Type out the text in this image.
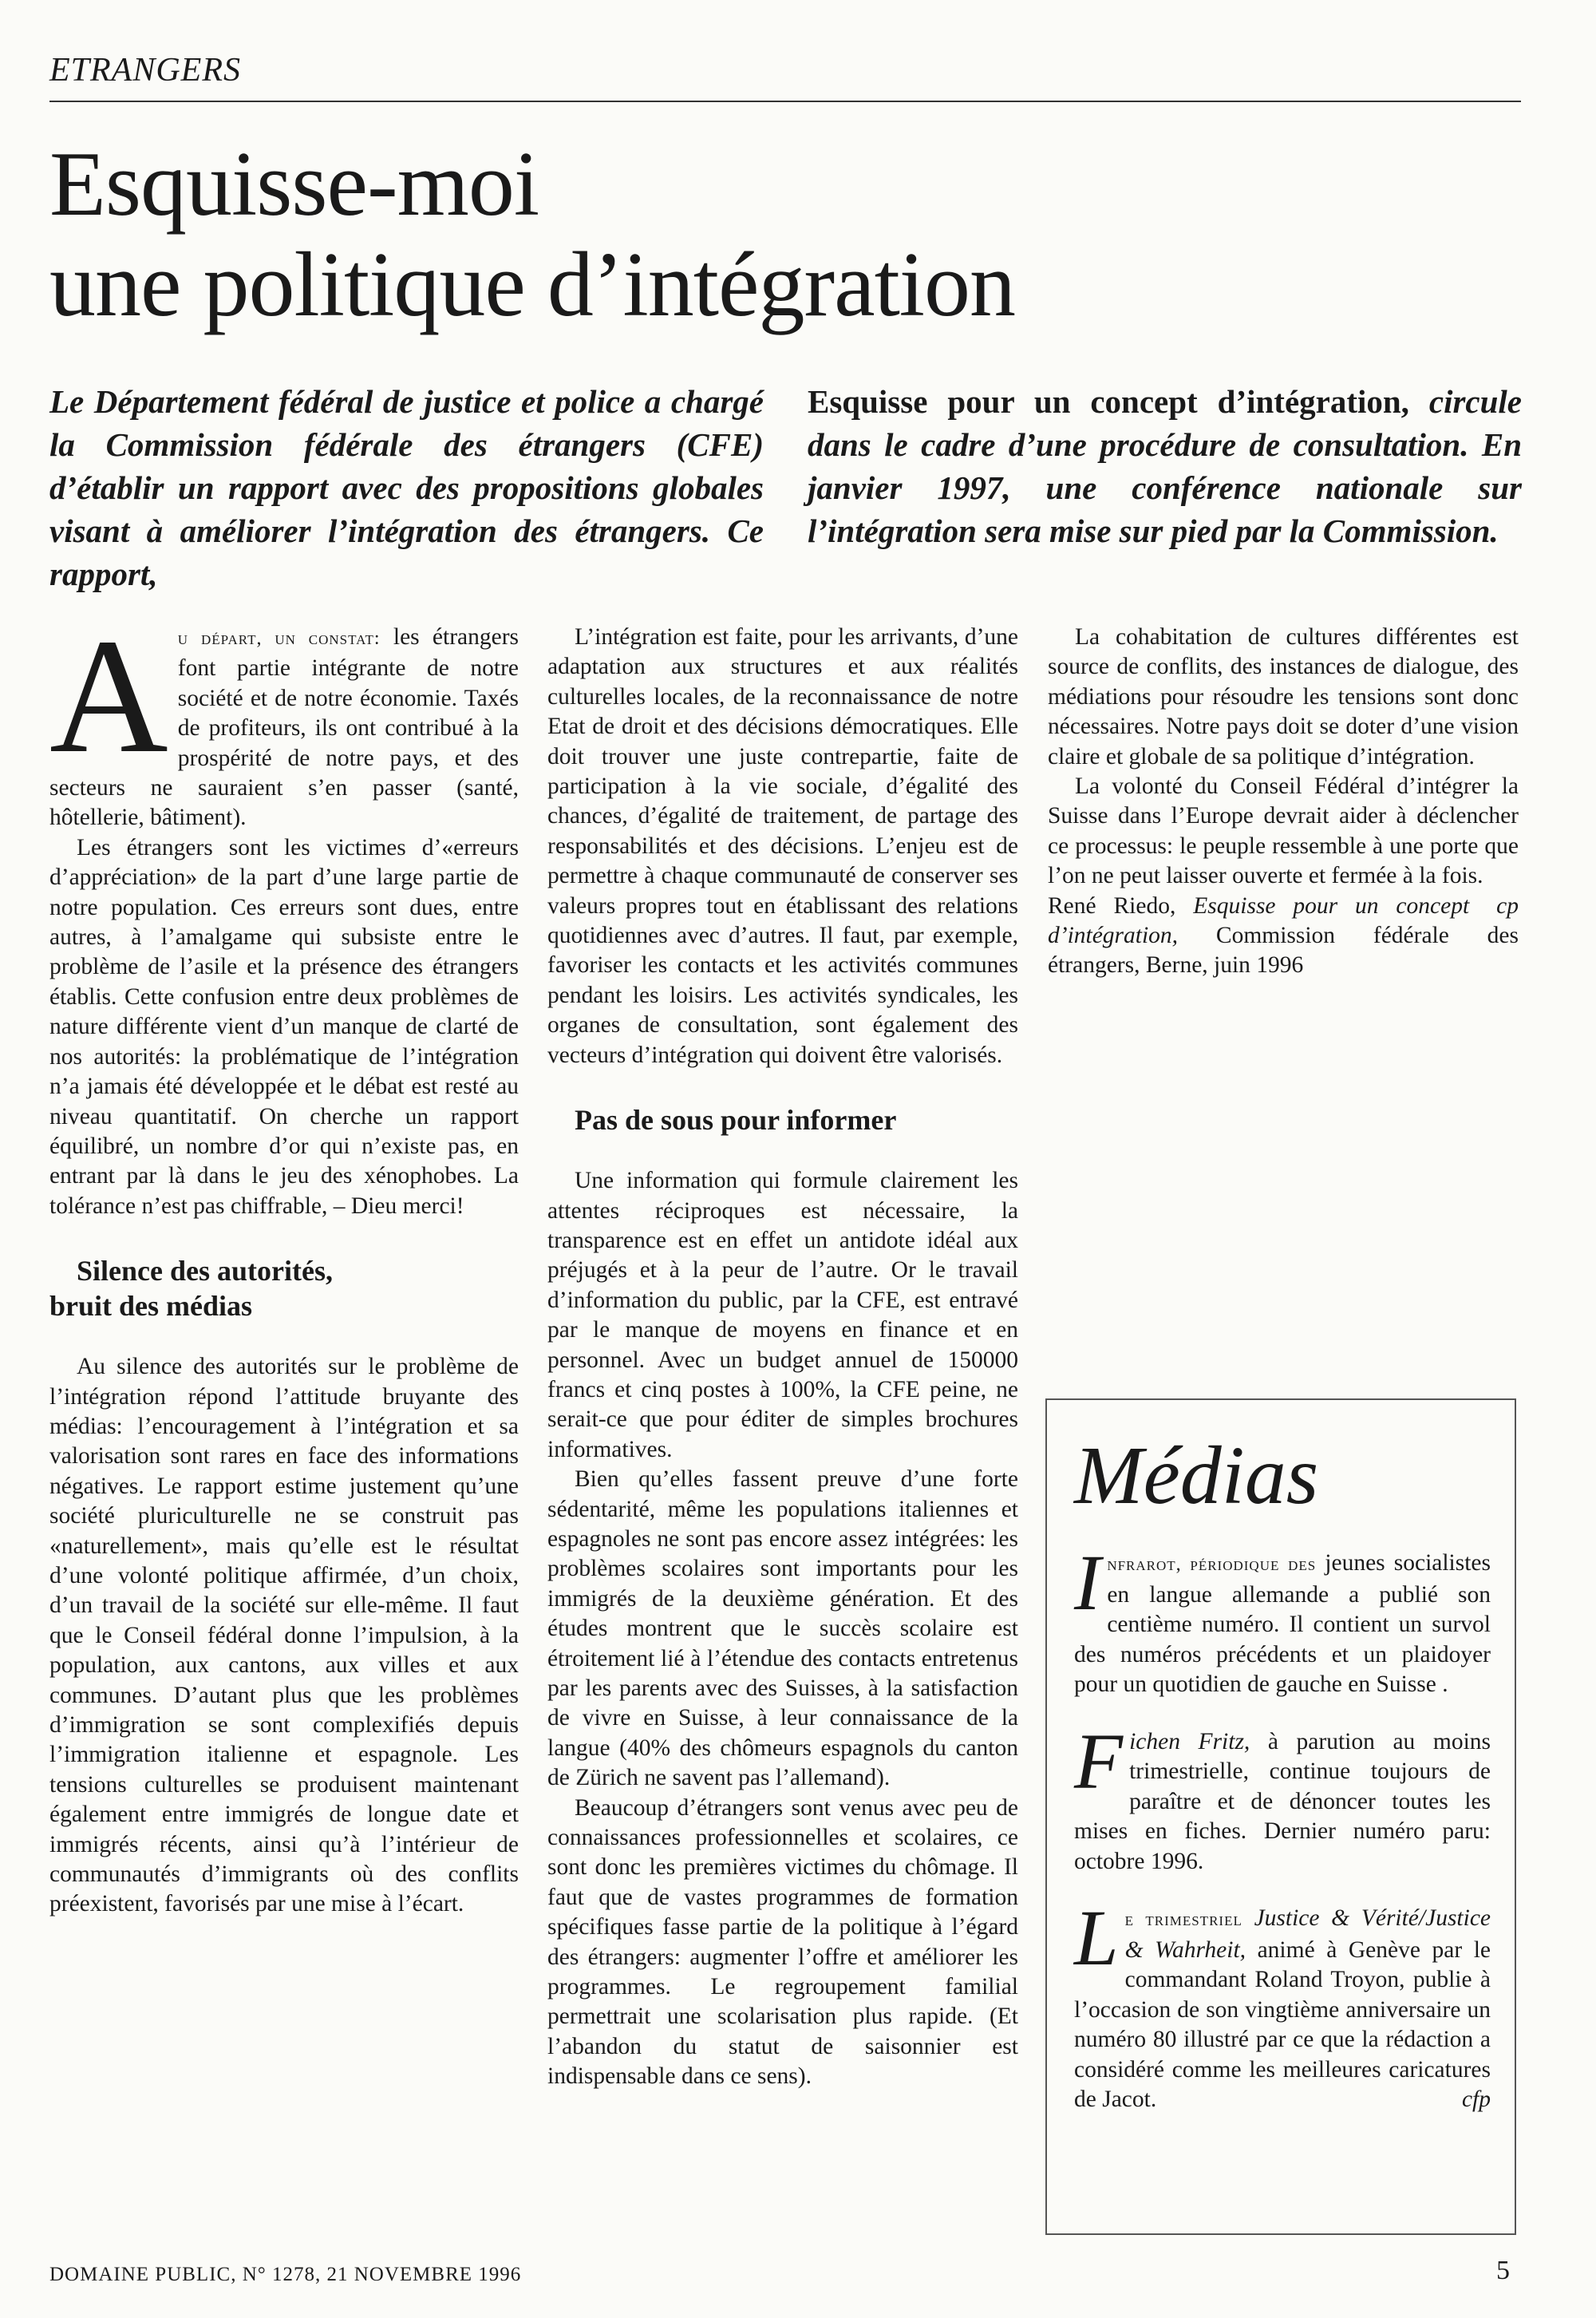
ETRANGERS
Esquisse-moi
une politique d’intégration

Le Département fédéral de justice et police a chargé la Commission fédérale des étrangers (CFE) d’établir un rapport avec des propositions globales visant à améliorer l’intégration des étrangers. Ce rapport,

Esquisse pour un concept d’intégration, circule dans le cadre d’une procédure de consultation. En janvier 1997, une conférence nationale sur l’intégration sera mise sur pied par la Commission.

Au départ, un constat: les étrangers font partie intégrante de notre société et de notre économie. Taxés de profiteurs, ils ont contribué à la prospérité de notre pays, et des secteurs ne sauraient s’en passer (santé, hôtellerie, bâtiment).

Les étrangers sont les victimes d’«erreurs d’appréciation» de la part d’une large partie de notre population. Ces erreurs sont dues, entre autres, à l’amalgame qui subsiste entre le problème de l’asile et la présence des étrangers établis. Cette confusion entre deux problèmes de nature différente vient d’un manque de clarté de nos autorités: la problématique de l’intégration n’a jamais été développée et le débat est resté au niveau quantitatif. On cherche un rapport équilibré, un nombre d’or qui n’existe pas, en entrant par là dans le jeu des xénophobes. La tolérance n’est pas chiffrable, – Dieu merci!

Silence des autorités,
bruit des médias

Au silence des autorités sur le problème de l’intégration répond l’attitude bruyante des médias: l’encouragement à l’intégration et sa valorisation sont rares en face des informations négatives. Le rapport estime justement qu’une société pluriculturelle ne se construit pas «naturellement», mais qu’elle est le résultat d’une volonté politique affirmée, d’un choix, d’un travail de la société sur elle-même. Il faut que le Conseil fédéral donne l’impulsion, à la population, aux cantons, aux villes et aux communes. D’autant plus que les problèmes d’immigration se sont complexifiés depuis l’immigration italienne et espagnole. Les tensions culturelles se produisent maintenant également entre immigrés de longue date et immigrés récents, ainsi qu’à l’intérieur de communautés d’immigrants où des conflits préexistent, favorisés par une mise à l’écart.

L’intégration est faite, pour les arrivants, d’une adaptation aux structures et aux réalités culturelles locales, de la reconnaissance de notre Etat de droit et des décisions démocratiques. Elle doit trouver une juste contrepartie, faite de participation à la vie sociale, d’égalité des chances, d’égalité de traitement, de partage des responsabilités et des décisions. L’enjeu est de permettre à chaque communauté de conserver ses valeurs propres tout en établissant des relations quotidiennes avec d’autres. Il faut, par exemple, favoriser les contacts et les activités communes pendant les loisirs. Les activités syndicales, les organes de consultation, sont également des vecteurs d’intégration qui doivent être valorisés.

Pas de sous pour informer

Une information qui formule clairement les attentes réciproques est nécessaire, la transparence est en effet un antidote idéal aux préjugés et à la peur de l’autre. Or le travail d’information du public, par la CFE, est entravé par le manque de moyens en finance et en personnel. Avec un budget annuel de 150000 francs et cinq postes à 100%, la CFE peine, ne serait-ce que pour éditer de simples brochures informatives.

Bien qu’elles fassent preuve d’une forte sédentarité, même les populations italiennes et espagnoles ne sont pas encore assez intégrées: les problèmes scolaires sont importants pour les immigrés de la deuxième génération. Et des études montrent que le succès scolaire est étroitement lié à l’étendue des contacts entretenus par les parents avec des Suisses, à la satisfaction de vivre en Suisse, à leur connaissance de la langue (40% des chômeurs espagnols du canton de Zürich ne savent pas l’allemand).

Beaucoup d’étrangers sont venus avec peu de connaissances professionnelles et scolaires, ce sont donc les premières victimes du chômage. Il faut que de vastes programmes de formation spécifiques fasse partie de la politique à l’égard des étrangers: augmenter l’offre et améliorer les programmes. Le regroupement familial permettrait une scolarisation plus rapide. (Et l’abandon du statut de saisonnier est indispensable dans ce sens).

La cohabitation de cultures différentes est source de conflits, des instances de dialogue, des médiations pour résoudre les tensions sont donc nécessaires. Notre pays doit se doter d’une vision claire et globale de sa politique d’intégration.

La volonté du Conseil Fédéral d’intégrer la Suisse dans l’Europe devrait aider à déclencher ce processus: le peuple ressemble à une porte que l’on ne peut laisser ouverte et fermée à la fois.
cp

René Riedo, Esquisse pour un concept d’intégration, Commission fédérale des étrangers, Berne, juin 1996

Médias

Infrarot, périodique des jeunes socialistes en langue allemande a publié son centième numéro. Il contient un survol des numéros précédents et un plaidoyer pour un quotidien de gauche en Suisse .

Fichen Fritz, à parution au moins trimestrielle, continue toujours de paraître et de dénoncer toutes les mises en fiches. Dernier numéro paru: octobre 1996.

Le trimestriel Justice & Vérité/Justice & Wahrheit, animé à Genève par le commandant Roland Troyon, publie à l’occasion de son vingtième anniversaire un numéro 80 illustré par ce que la rédaction a considéré comme les meilleures caricatures de Jacot.	cfp

DOMAINE PUBLIC, N° 1278, 21 NOVEMBRE 1996	5
